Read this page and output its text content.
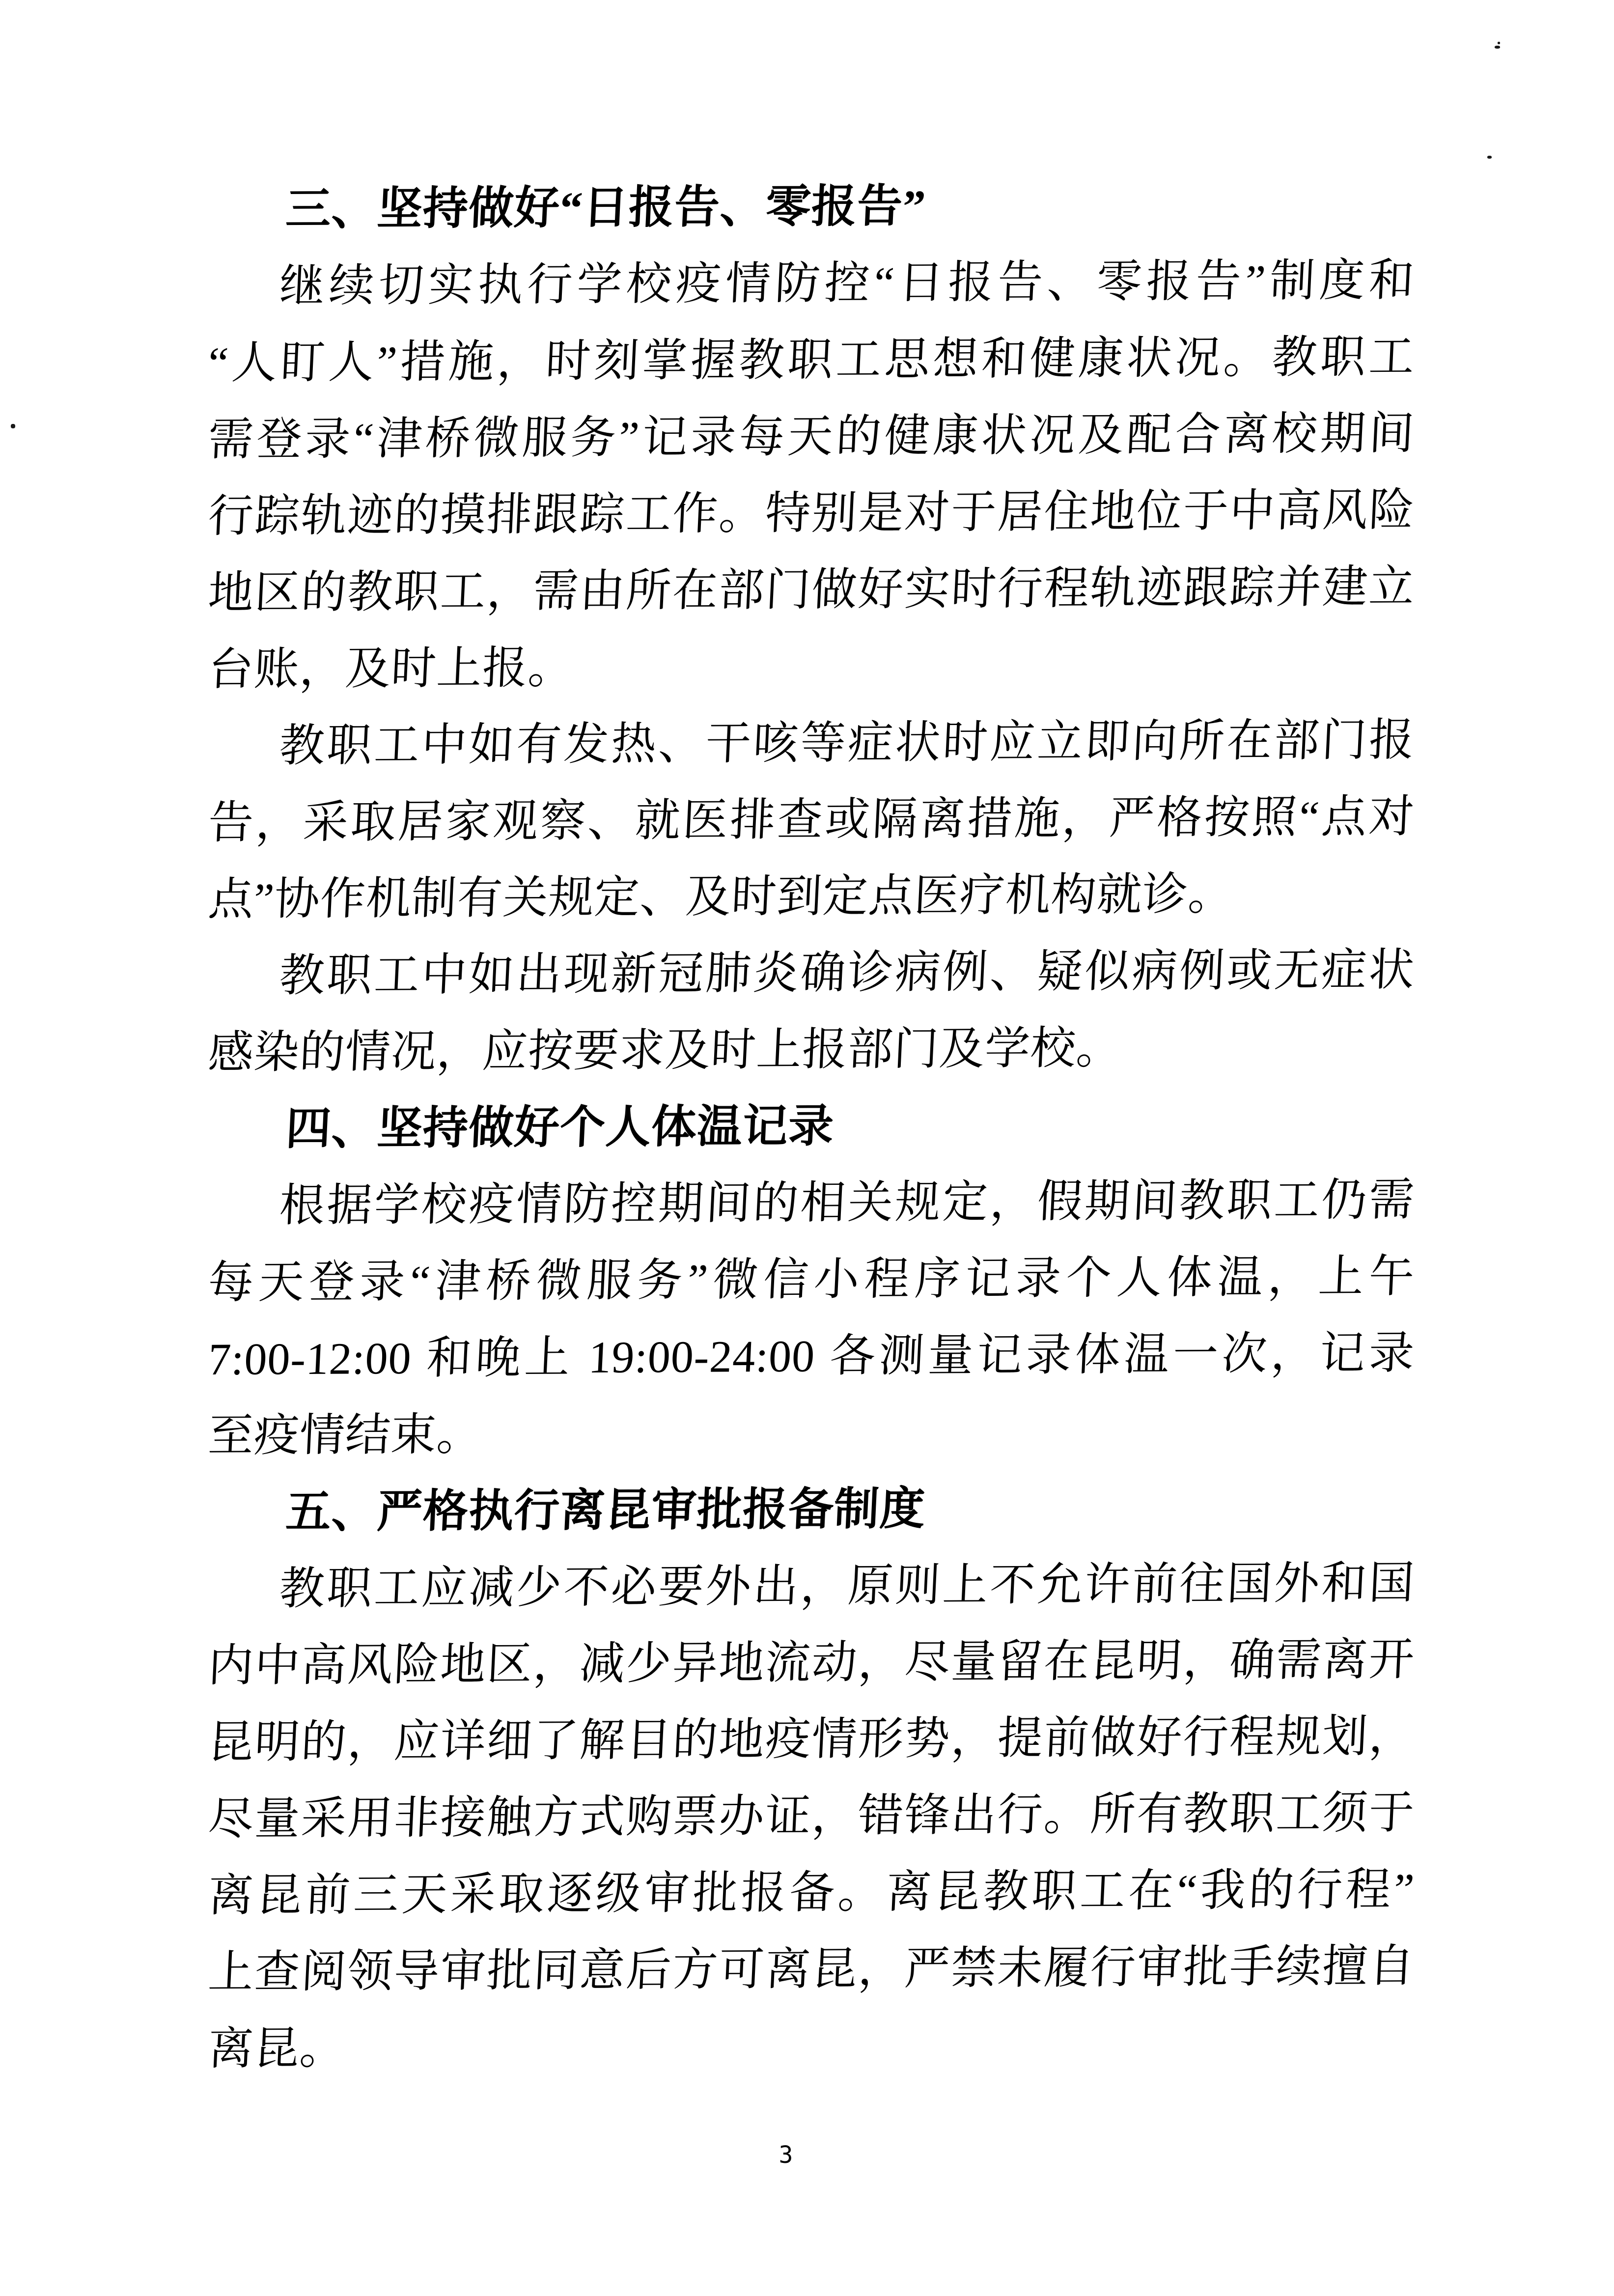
三、坚持做好“日报告、零报告”
继续切实执行学校疫情防控“日报告、零报告”制度和
“人盯人”措施，时刻掌握教职工思想和健康状况。教职工
需登录“津桥微服务”记录每天的健康状况及配合离校期间
行踪轨迹的摸排跟踪工作。特别是对于居住地位于中高风险
地区的教职工，需由所在部门做好实时行程轨迹跟踪并建立
台账，及时上报。
教职工中如有发热、干咳等症状时应立即向所在部门报
告，采取居家观察、就医排查或隔离措施，严格按照“点对
点”协作机制有关规定、及时到定点医疗机构就诊。
教职工中如出现新冠肺炎确诊病例、疑似病例或无症状
感染的情况，应按要求及时上报部门及学校。
四、坚持做好个人体温记录
根据学校疫情防控期间的相关规定，假期间教职工仍需
每天登录“津桥微服务”微信小程序记录个人体温，上午
7:00-12:00 和晚上 19:00-24:00 各测量记录体温一次，记录
至疫情结束。
五、严格执行离昆审批报备制度
教职工应减少不必要外出，原则上不允许前往国外和国
内中高风险地区，减少异地流动，尽量留在昆明，确需离开
昆明的，应详细了解目的地疫情形势，提前做好行程规划，
尽量采用非接触方式购票办证，错锋出行。所有教职工须于
离昆前三天采取逐级审批报备。离昆教职工在“我的行程”
上查阅领导审批同意后方可离昆，严禁未履行审批手续擅自
离昆。
3
